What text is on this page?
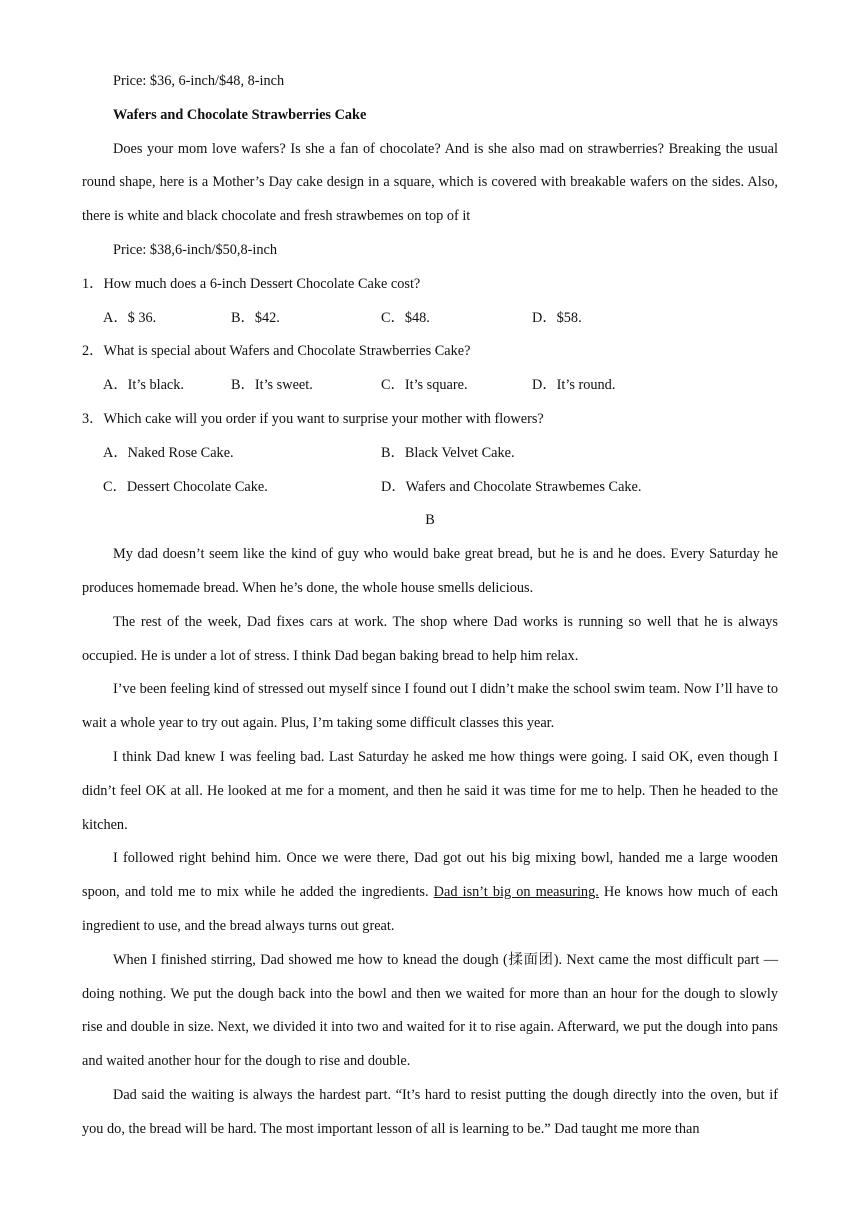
Price: $36, 6-inch/$48, 8-inch

Wafers and Chocolate Strawberries Cake

Does your mom love wafers? Is she a fan of chocolate? And is she also mad on strawberries? Breaking the usual round shape, here is a Mother’s Day cake design in a square, which is covered with breakable wafers on the sides. Also, there is white and black chocolate and fresh strawbemes on top of it

Price: $38,6-inch/$50,8-inch

1．How much does a 6-inch Dessert Chocolate Cake cost?

A．$ 36.	B．$42.	C．$48.	D．$58.

2．What is special about Wafers and Chocolate Strawberries Cake?

A．It’s black.	B．It’s sweet.	C．It’s square.	D．It’s round.

3．Which cake will you order if you want to surprise your mother with flowers?

A．Naked Rose Cake.	B．Black Velvet Cake.
C．Dessert Chocolate Cake.	D．Wafers and Chocolate Strawbemes Cake.

B

My dad doesn’t seem like the kind of guy who would bake great bread, but he is and he does. Every Saturday he produces homemade bread. When he’s done, the whole house smells delicious.

The rest of the week, Dad fixes cars at work. The shop where Dad works is running so well that he is always occupied. He is under a lot of stress. I think Dad began baking bread to help him relax.

I’ve been feeling kind of stressed out myself since I found out I didn’t make the school swim team. Now I’ll have to wait a whole year to try out again. Plus, I’m taking some difficult classes this year.

I think Dad knew I was feeling bad. Last Saturday he asked me how things were going. I said OK, even though I didn’t feel OK at all. He looked at me for a moment, and then he said it was time for me to help. Then he headed to the kitchen.

I followed right behind him. Once we were there, Dad got out his big mixing bowl, handed me a large wooden spoon, and told me to mix while he added the ingredients. Dad isn’t big on measuring. He knows how much of each ingredient to use, and the bread always turns out great.

When I finished stirring, Dad showed me how to knead the dough (揉面团). Next came the most difficult part — doing nothing. We put the dough back into the bowl and then we waited for more than an hour for the dough to slowly rise and double in size. Next, we divided it into two and waited for it to rise again. Afterward, we put the dough into pans and waited another hour for the dough to rise and double.

Dad said the waiting is always the hardest part. “It’s hard to resist putting the dough directly into the oven, but if you do, the bread will be hard. The most important lesson of all is learning to be.” Dad taught me more than
